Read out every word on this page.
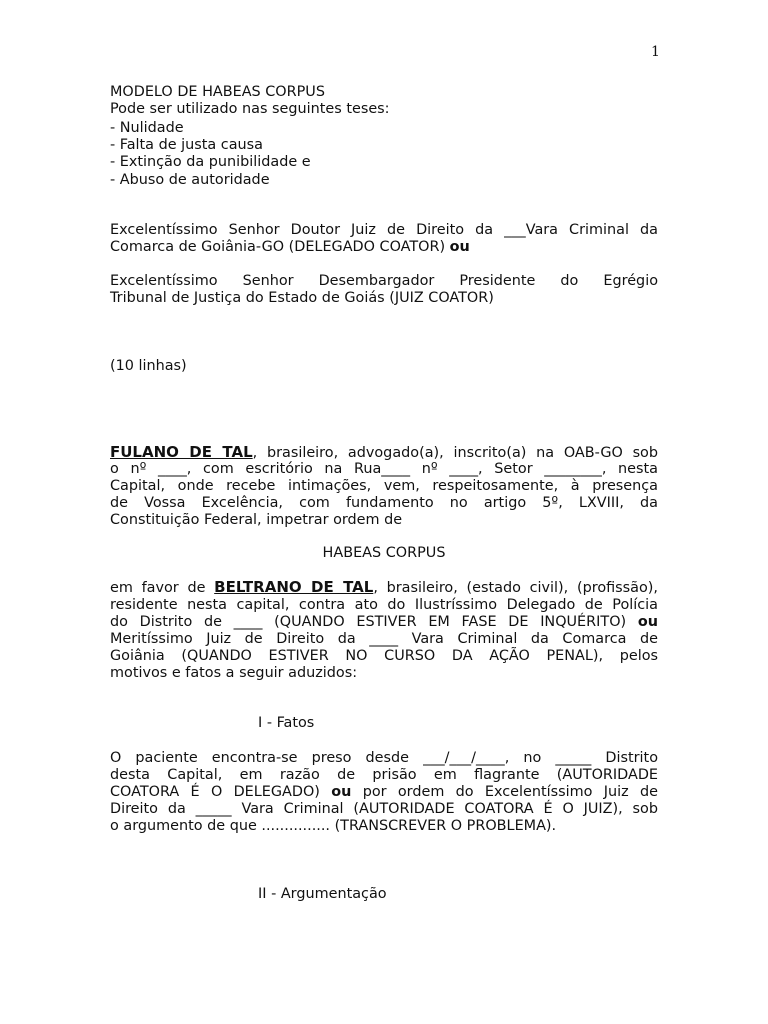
1
MODELO DE HABEAS CORPUS
Pode ser utilizado nas seguintes teses:
- Nulidade
- Falta de justa causa
- Extinção da punibilidade e
- Abuso de autoridade
Excelentíssimo Senhor Doutor Juiz de Direito da ___Vara Criminal da
Comarca de Goiânia-GO (DELEGADO COATOR) ou
Excelentíssimo Senhor Desembargador Presidente do Egrégio
Tribunal de Justiça do Estado de Goiás (JUIZ COATOR)
(10 linhas)
FULANO DE TAL, brasileiro, advogado(a), inscrito(a) na OAB-GO sob
o nº ____, com escritório na Rua____ nº ____, Setor ________, nesta
Capital, onde recebe intimações, vem, respeitosamente, à presença
de Vossa Excelência, com fundamento no artigo 5º, LXVIII, da
Constituição Federal, impetrar ordem de
HABEAS CORPUS
em favor de BELTRANO DE TAL, brasileiro, (estado civil), (profissão),
residente nesta capital, contra ato do Ilustríssimo Delegado de Polícia
do Distrito de ____ (QUANDO ESTIVER EM FASE DE INQUÉRITO) ou
Meritíssimo Juiz de Direito da ____ Vara Criminal da Comarca de
Goiânia (QUANDO ESTIVER NO CURSO DA AÇÃO PENAL), pelos
motivos e fatos a seguir aduzidos:
I - Fatos
O paciente encontra-se preso desde ___/___/____, no _____ Distrito
desta Capital, em razão de prisão em flagrante (AUTORIDADE
COATORA É O DELEGADO) ou por ordem do Excelentíssimo Juiz de
Direito da _____ Vara Criminal (AUTORIDADE COATORA É O JUIZ), sob
o argumento de que ............... (TRANSCREVER O PROBLEMA).
II - Argumentação
